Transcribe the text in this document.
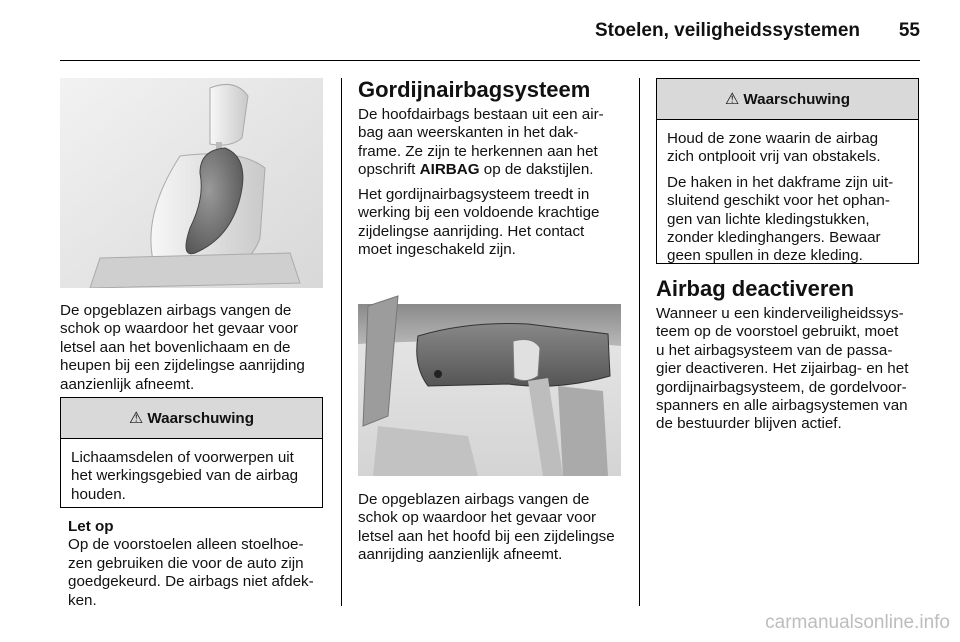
Stoelen, veiligheidssystemen	55
De opgeblazen airbags vangen de
schok op waardoor het gevaar voor
letsel aan het bovenlichaam en de
heupen bij een zijdelingse aanrijding
aanzienlijk afneemt.
⚠ Waarschuwing

Lichaamsdelen of voorwerpen uit
het werkingsgebied van de airbag
houden.

Let op
Op de voorstoelen alleen stoelhoe-
zen gebruiken die voor de auto zijn
goedgekeurd. De airbags niet afdek-
ken.
Gordijnairbagsysteem
De hoofdairbags bestaan uit een air-
bag aan weerskanten in het dak-
frame. Ze zijn te herkennen aan het
opschrift AIRBAG op de dakstijlen.
Het gordijnairbagsysteem treedt in
werking bij een voldoende krachtige
zijdelingse aanrijding. Het contact
moet ingeschakeld zijn.
De opgeblazen airbags vangen de
schok op waardoor het gevaar voor
letsel aan het hoofd bij een zijdelingse
aanrijding aanzienlijk afneemt.
⚠ Waarschuwing

Houd de zone waarin de airbag
zich ontplooit vrij van obstakels.

De haken in het dakframe zijn uit-
sluitend geschikt voor het ophan-
gen van lichte kledingstukken,
zonder kledinghangers. Bewaar
geen spullen in deze kleding.

Airbag deactiveren
Wanneer u een kinderveiligheidssys-
teem op de voorstoel gebruikt, moet
u het airbagsysteem van de passa-
gier deactiveren. Het zijairbag- en het
gordijnairbagsysteem, de gordelvoor-
spanners en alle airbagsystemen van
de bestuurder blijven actief.
carmanualsonline.info
